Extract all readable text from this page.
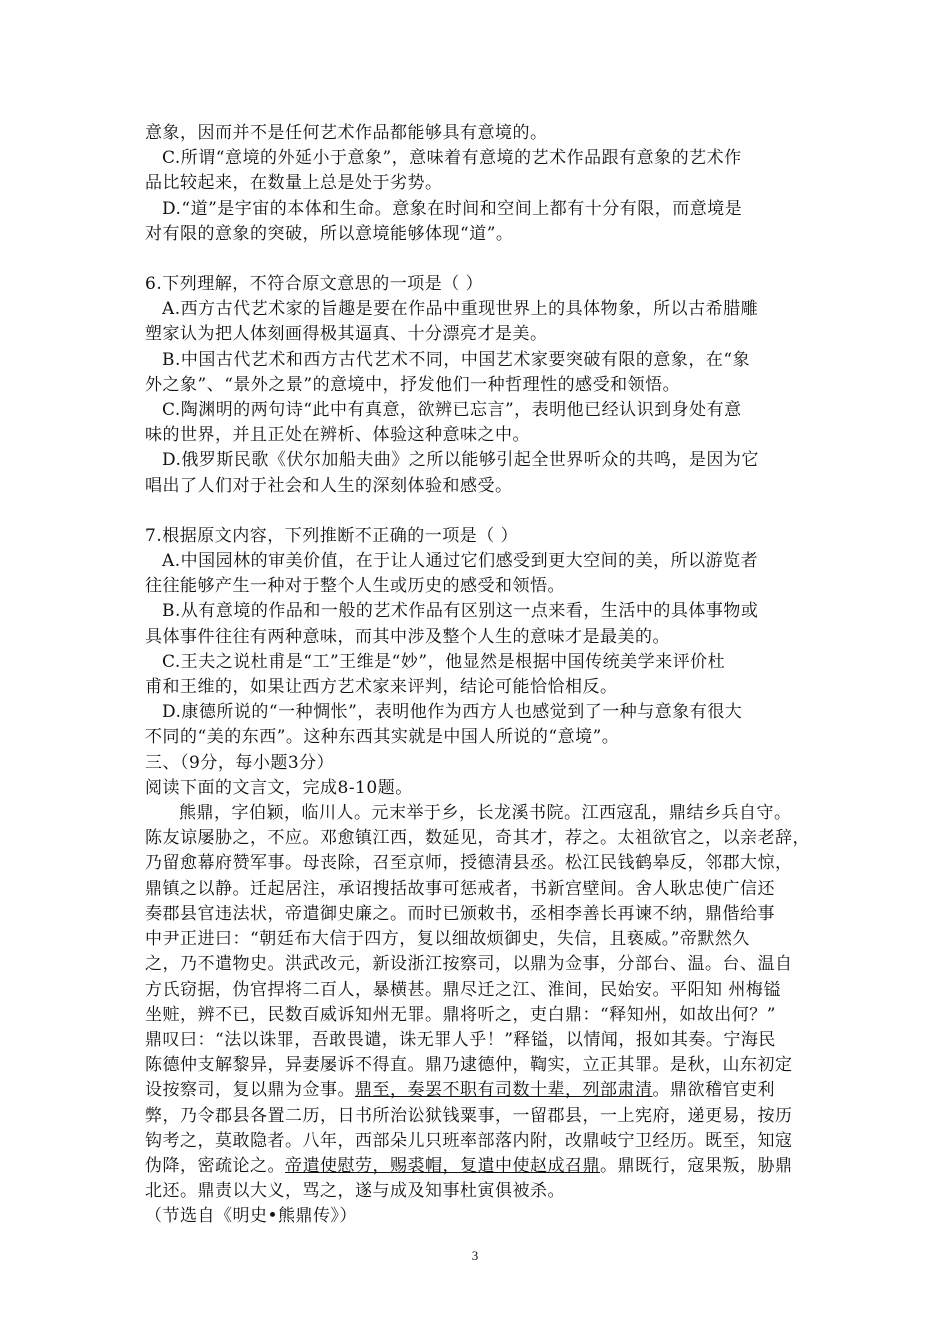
意象，因而并不是任何艺术作品都能够具有意境的。
C.所谓“意境的外延小于意象”，意味着有意境的艺术作品跟有意象的艺术作
品比较起来，在数量上总是处于劣势。
D.“道”是宇宙的本体和生命。意象在时间和空间上都有十分有限，而意境是
对有限的意象的突破，所以意境能够体现“道”。
6.下列理解，不符合原文意思的一项是（ ）
A.西方古代艺术家的旨趣是要在作品中重现世界上的具体物象，所以古希腊雕
塑家认为把人体刻画得极其逼真、十分漂亮才是美。
B.中国古代艺术和西方古代艺术不同，中国艺术家要突破有限的意象，在“象
外之象”、“景外之景”的意境中，抒发他们一种哲理性的感受和领悟。
C.陶渊明的两句诗“此中有真意，欲辨已忘言”，表明他已经认识到身处有意
味的世界，并且正处在辨析、体验这种意味之中。
D.俄罗斯民歌《伏尔加船夫曲》之所以能够引起全世界听众的共鸣，是因为它
唱出了人们对于社会和人生的深刻体验和感受。
7.根据原文内容，下列推断不正确的一项是（ ）
A.中国园林的审美价值，在于让人通过它们感受到更大空间的美，所以游览者
往往能够产生一种对于整个人生或历史的感受和领悟。
B.从有意境的作品和一般的艺术作品有区别这一点来看，生活中的具体事物或
具体事件往往有两种意味，而其中涉及整个人生的意味才是最美的。
C.王夫之说杜甫是“工”王维是“妙”，他显然是根据中国传统美学来评价杜
甫和王维的，如果让西方艺术家来评判，结论可能恰恰相反。
D.康德所说的“一种惆怅”，表明他作为西方人也感觉到了一种与意象有很大
不同的“美的东西”。这种东西其实就是中国人所说的“意境”。
三、（9分，每小题3分）
阅读下面的文言文，完成8-10题。
熊鼎，字伯颖，临川人。元末举于乡，长龙溪书院。江西寇乱，鼎结乡兵自守。
陈友谅屡胁之，不应。邓愈镇江西，数延见，奇其才，荐之。太祖欲官之，以亲老辞，
乃留愈幕府赞军事。母丧除，召至京师，授德清县丞。松江民钱鹤皋反，邻郡大惊，
鼎镇之以静。迁起居注，承诏搜括故事可惩戒者，书新宫壁间。舍人耿忠使广信还
奏郡县官违法状，帝遣御史廉之。而时已颁敕书，丞相李善长再谏不纳，鼎偕给事
中尹正进曰：“朝廷布大信于四方，复以细故烦御史，失信，且亵威。”帝默然久
之，乃不遣物史。洪武改元，新设浙江按察司，以鼎为佥事，分部台、温。台、温自
方氏窃据，伪官捍将二百人，暴横甚。鼎尽迁之江、淮间，民始安。平阳知 州梅镒
坐赃，辨不已，民数百威诉知州无罪。鼎将听之，吏白鼎：“释知州，如故出何？”
鼎叹曰：“法以诛罪，吾敢畏谴，诛无罪人乎！”释镒，以情闻，报如其奏。宁海民
陈德仲支解黎异，异妻屡诉不得直。鼎乃逮德仲，鞫实，立正其罪。是秋，山东初定
设按察司，复以鼎为佥事。鼎至，奏罢不职有司数十辈，列部肃清。鼎欲稽官吏利
弊，乃令郡县各置二历，日书所治讼狱钱粟事，一留郡县，一上宪府，递更易，按历
钩考之，莫敢隐者。八年，西部朵儿只班率部落内附，改鼎岐宁卫经历。既至，知寇
伪降，密疏论之。帝遣使慰劳，赐裘帽，复遣中使赵成召鼎。鼎既行，寇果叛，胁鼎
北还。鼎责以大义，骂之，遂与成及知事杜寅俱被杀。
（节选自《明史•熊鼎传》）
3
